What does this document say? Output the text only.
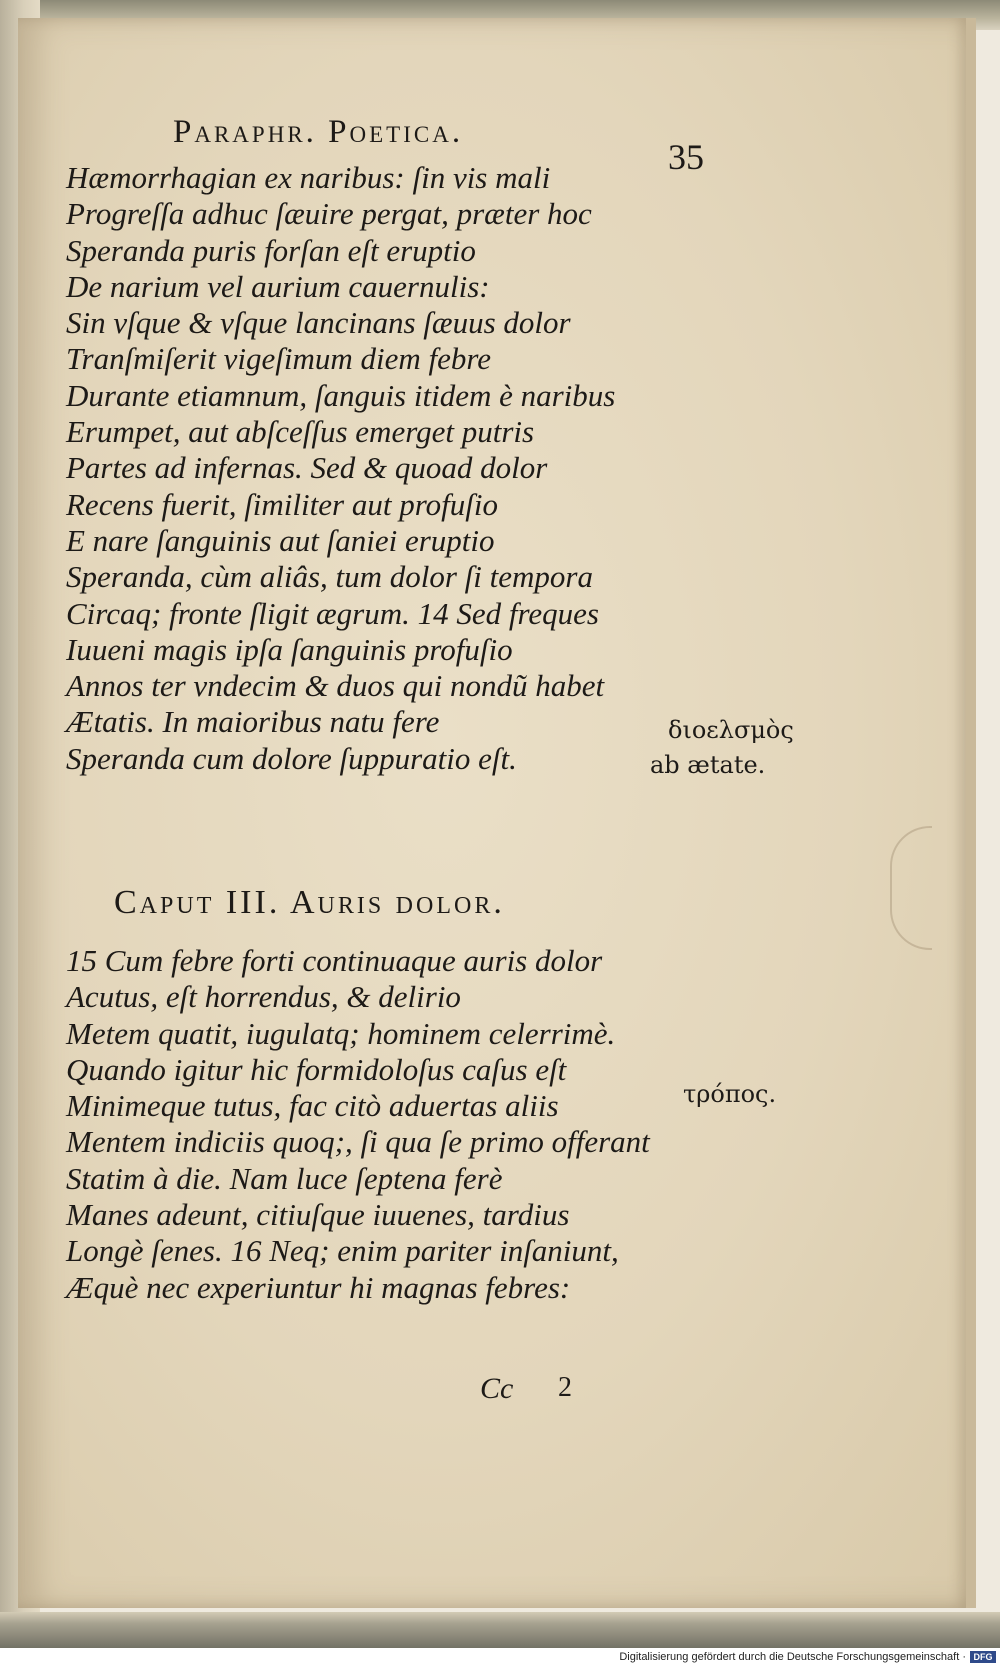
Paraphr. Poetica.
35
Hæmorrhagian ex naribus: ſin vis mali
Progreſſa adhuc ſæuire pergat, præter hoc
Speranda puris forſan eſt eruptio
De narium vel aurium cauernulis:
Sin vſque & vſque lancinans ſæuus dolor
Tranſmiſerit vigeſimum diem febre
Durante etiamnum, ſanguis itidem è naribus
Erumpet, aut abſceſſus emerget putris
Partes ad infernas. Sed & quoad dolor
Recens fuerit, ſimiliter aut profuſio
E nare ſanguinis aut ſaniei eruptio
Speranda, cùm aliâs, tum dolor ſi tempora
Circaq; fronte ſligit ægrum. 14 Sed freques
Iuueni magis ipſa ſanguinis profuſio
Annos ter vndecim & duos qui nondũ habet
Ætatis. In maioribus natu fere
Speranda cum dolore ſuppuratio eſt.
διοελσμὸς
ab ætate.
Caput III. Auris dolor.
15 Cum febre forti continuaque auris dolor
Acutus, eſt horrendus, & delirio
Metem quatit, iugulatq; hominem celerrimè.
Quando igitur hic formidoloſus caſus eſt
Minimeque tutus, fac citò aduertas aliis
Mentem indiciis quoq;, ſi qua ſe primo offerant
Statim à die. Nam luce ſeptena ferè
Manes adeunt, citiuſque iuuenes, tardius
Longè ſenes. 16 Neq; enim pariter inſaniunt,
Æquè nec experiuntur hi magnas febres:
τρόπος.
Cc 2
Digitalisierung gefördert durch die Deutsche Forschungsgemeinschaft · DFG
